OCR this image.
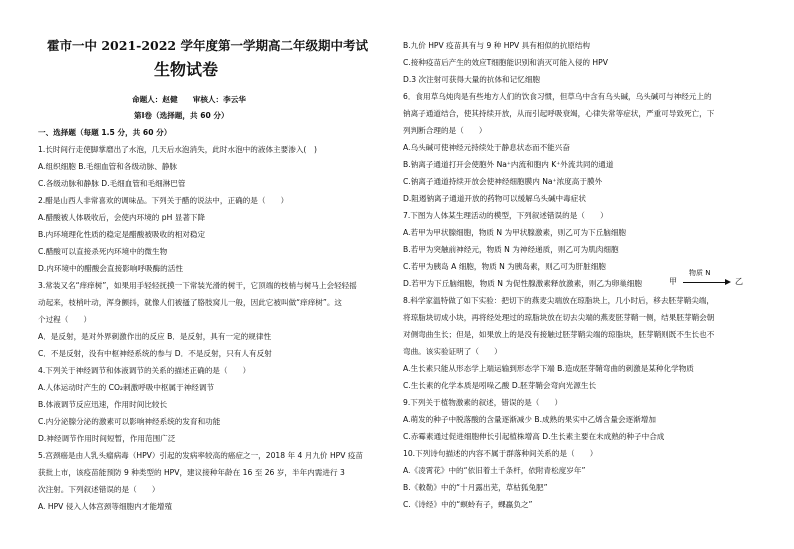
霍市一中 2021-2022 学年度第一学期高二年级期中考试
生物试卷
命题人：赵健　　审核人：李云华
第Ⅰ卷（选择题，共 60 分）
一、选择题（每题 1.5 分，共 60 分）
1.长时间行走使脚掌磨出了水泡，几天后水泡消失，此时水泡中的液体主要渗入(　)
A.组织细胞 B.毛细血管和各级动脉、静脉
C.各级动脉和静脉 D.毛细血管和毛细淋巴管
2.醋是山西人非常喜欢的调味品。下列关于醋的说法中，正确的是（　　）
A.醋酸被人体吸收后，会使内环境的 pH 显著下降
B.内环境理化性质的稳定是醋酸被吸收的相对稳定
C.醋酸可以直接杀死内环境中的微生物
D.内环境中的醋酸会直接影响呼吸酶的活性
3.常装又名“痒痒树”，如果用手轻轻抚摸一下常装光滑的树干，它顶端的枝梢与树马上会轻轻摇
动起来，枝梢叶动，浑身颤抖，就像人们被搔了胳肢窝儿一般，因此它被叫做“痒痒树”。这
个过程（　　）
A．是反射，是对外界刺激作出的反应 B．是反射，具有一定的规律性
C．不是反射，没有中枢神经系统的参与 D．不是反射，只有人有反射
4.下列关于神经调节和体液调节的关系的描述正确的是（　　）
A.人体运动时产生的 CO₂刺激呼吸中枢属于神经调节
B.体液调节反应迅速，作用时间比较长
C.内分泌腺分泌的激素可以影响神经系统的发育和功能
D.神经调节作用时间短暂，作用范围广泛
5.宫颈癌是由人乳头瘤病毒（HPV）引起的发病率较高的癌症之一，2018 年 4 月九价 HPV 疫苗
获批上市，该疫苗能预防 9 种类型的 HPV，建议接种年龄在 16 至 26 岁，半年内需进行 3
次注射。下列叙述错误的是（　　）
A. HPV 侵入人体宫颈等细胞内才能增殖
B.九价 HPV 疫苗具有与 9 种 HPV 具有相似的抗原结构
C.接种疫苗后产生的效应T细胞能识别和消灭可能入侵的 HPV
D.3 次注射可获得大量的抗体和记忆细胞
6．食用草乌炖肉是有些地方人们的饮食习惯，但草乌中含有乌头碱，乌头碱可与神经元上的
钠离子通道结合，使其持续开放，从而引起呼吸衰竭，心律失常等症状，严重可导致死亡，下
列判断合理的是（　　）
A.乌头碱可使神经元持续处于静息状态而不能兴奋
B.钠离子通道打开会使胞外 Na⁺内流和胞内 K⁺外流共同的通道
C.钠离子通道持续开放会使神经细胞膜内 Na⁺浓度高于膜外
D.阻遏钠离子通道开放的药物可以缓解乌头碱中毒症状
7.下图为人体某生理活动的模型，下列叙述错误的是（　　）
A.若甲为甲状腺细胞，物质 N 为甲状腺激素，则乙可为下丘脑细胞
B.若甲为突触前神经元，物质 N 为神经递质，则乙可为肌肉细胞
C.若甲为胰岛 A 细胞，物质 N 为胰岛素，则乙可为肝脏细胞
D.若甲为下丘脑细胞，物质 N 为促性腺激素释放激素，则乙为卵巢细胞
8.科学家温特做了如下实验：把切下的燕麦尖端放在琼脂块上，几小时后，移去胚芽鞘尖端，
将琼脂块切成小块，再将经处理过的琼脂块放在切去尖端的燕麦胚芽鞘一侧，结果胚芽鞘会朝
对侧弯曲生长；但是，如果放上的是没有接触过胚芽鞘尖端的琼脂块，胚芽鞘则既不生长也不
弯曲。该实验证明了（　　）
A.生长素只能从形态学上端运输到形态学下端 B.造成胚芽鞘弯曲的刺激是某种化学物质
C.生长素的化学本质是吲哚乙酸 D.胚芽鞘会弯向光源生长
9.下列关于植物激素的叙述，错误的是（　　）
A.萌发的种子中脱落酸的含量逐渐减少 B.成熟的果实中乙烯含量会逐渐增加
C.赤霉素通过促进细胞伸长引起植株增高 D.生长素主要在未成熟的种子中合成
10.下列诗句描述的内容不属于群落种间关系的是（　　）
A.《凌霄花》中的“依旧着土千条杆，依附青松度岁年”
B.《敕勒》中的“十月露出芜，草枯狐兔肥”
C.《诗经》中的“螟蛉有子，蜾蠃负之”
甲
物质 N
乙
